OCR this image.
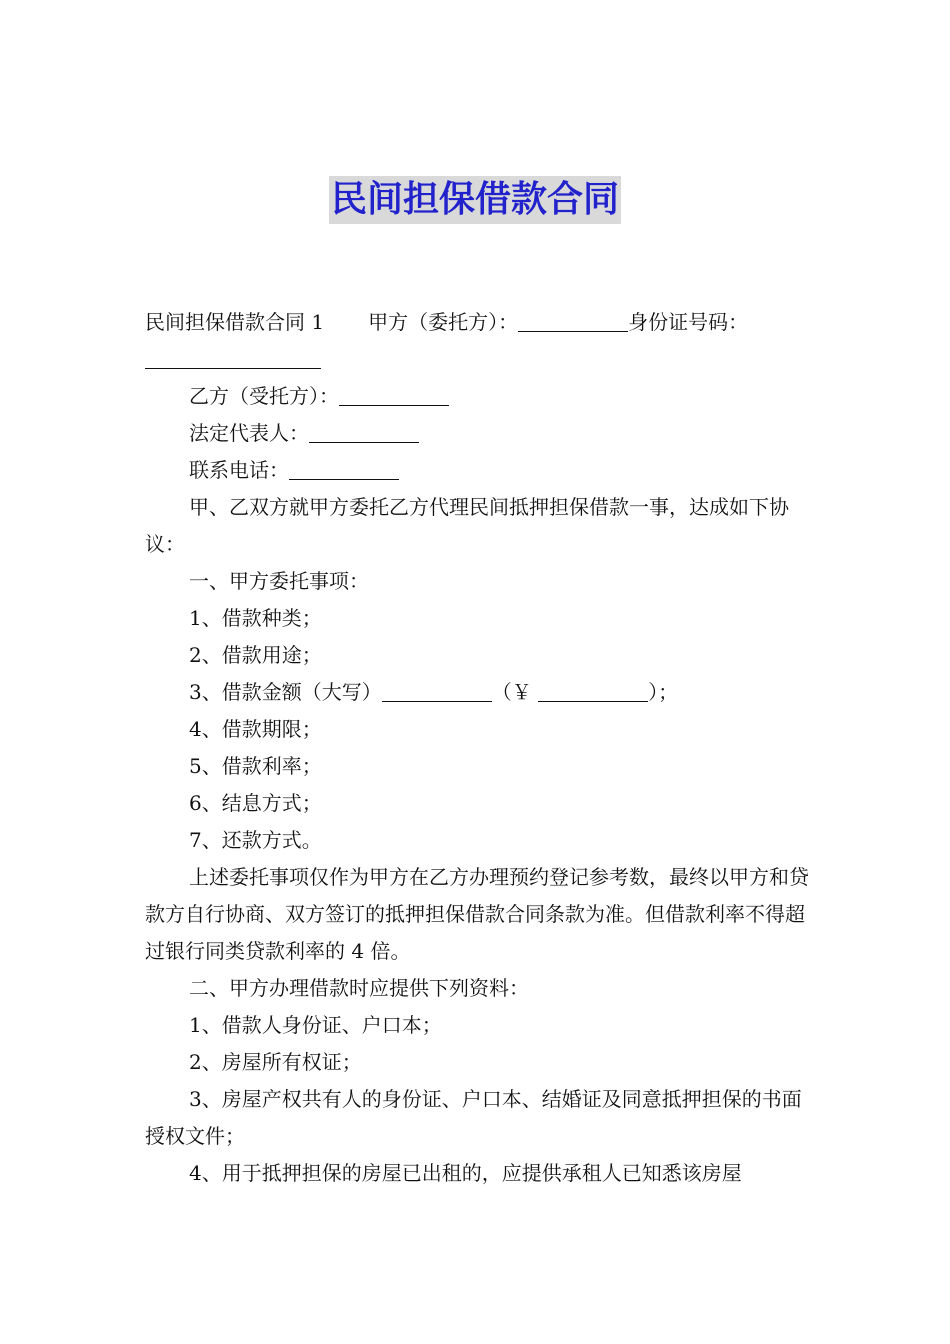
民间担保借款合同

民间担保借款合同 1 甲方（委托方）：	身份证号码：

乙方（受托方）：

法定代表人：

联系电话：

甲、乙双方就甲方委托乙方代理民间抵押担保借款一事，达成如下协议：

一、甲方委托事项：

1、借款种类；

2、借款用途；

3、借款金额（大写）	（￥	）；

4、借款期限；

5、借款利率；

6、结息方式；

7、还款方式。

上述委托事项仅作为甲方在乙方办理预约登记参考数，最终以甲方和贷款方自行协商、双方签订的抵押担保借款合同条款为准。但借款利率不得超过银行同类贷款利率的 4 倍。

二、甲方办理借款时应提供下列资料：

1、借款人身份证、户口本；

2、房屋所有权证；

3、房屋产权共有人的身份证、户口本、结婚证及同意抵押担保的书面授权文件；

4、用于抵押担保的房屋已出租的，应提供承租人已知悉该房屋
